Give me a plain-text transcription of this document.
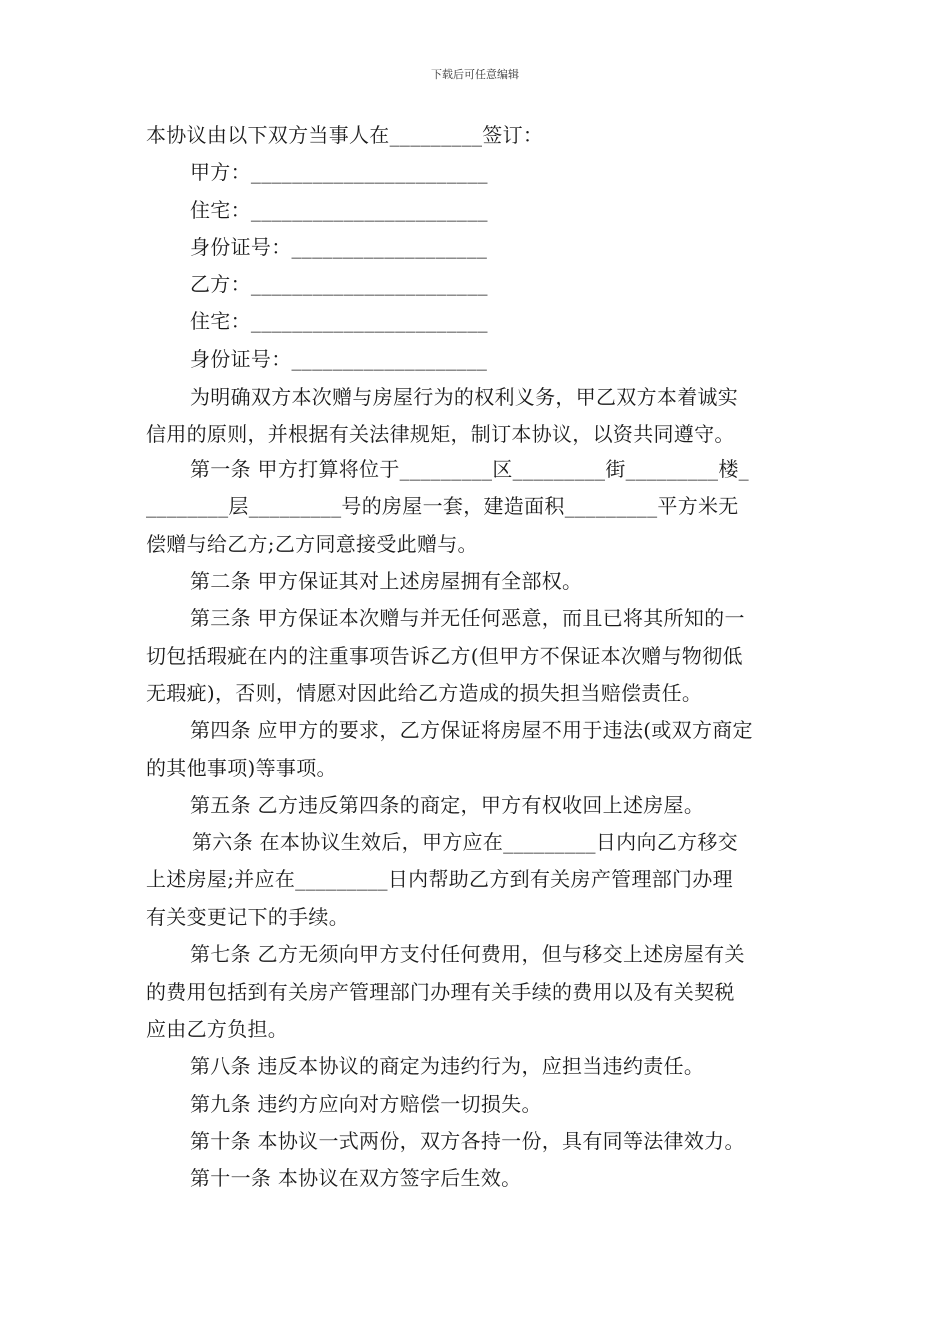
下载后可任意编辑
本协议由以下双方当事人在_________签订：
甲方：_______________________
住宅：_______________________
身份证号：___________________
乙方：_______________________
住宅：_______________________
身份证号：___________________
为明确双方本次赠与房屋行为的权利义务，甲乙双方本着诚实
信用的原则，并根据有关法律规矩，制订本协议，以资共同遵守。
第一条 甲方打算将位于_________区_________街_________楼_
________层_________号的房屋一套，建造面积_________平方米无
偿赠与给乙方;乙方同意接受此赠与。
第二条 甲方保证其对上述房屋拥有全部权。
第三条 甲方保证本次赠与并无任何恶意，而且已将其所知的一
切包括瑕疵在内的注重事项告诉乙方(但甲方不保证本次赠与物彻低
无瑕疵)，否则，情愿对因此给乙方造成的损失担当赔偿责任。
第四条 应甲方的要求，乙方保证将房屋不用于违法(或双方商定
的其他事项)等事项。
第五条 乙方违反第四条的商定，甲方有权收回上述房屋。
第六条 在本协议生效后，甲方应在_________日内向乙方移交
上述房屋;并应在_________日内帮助乙方到有关房产管理部门办理
有关变更记下的手续。
第七条 乙方无须向甲方支付任何费用，但与移交上述房屋有关
的费用包括到有关房产管理部门办理有关手续的费用以及有关契税
应由乙方负担。
第八条 违反本协议的商定为违约行为，应担当违约责任。
第九条 违约方应向对方赔偿一切损失。
第十条 本协议一式两份，双方各持一份，具有同等法律效力。
第十一条 本协议在双方签字后生效。
